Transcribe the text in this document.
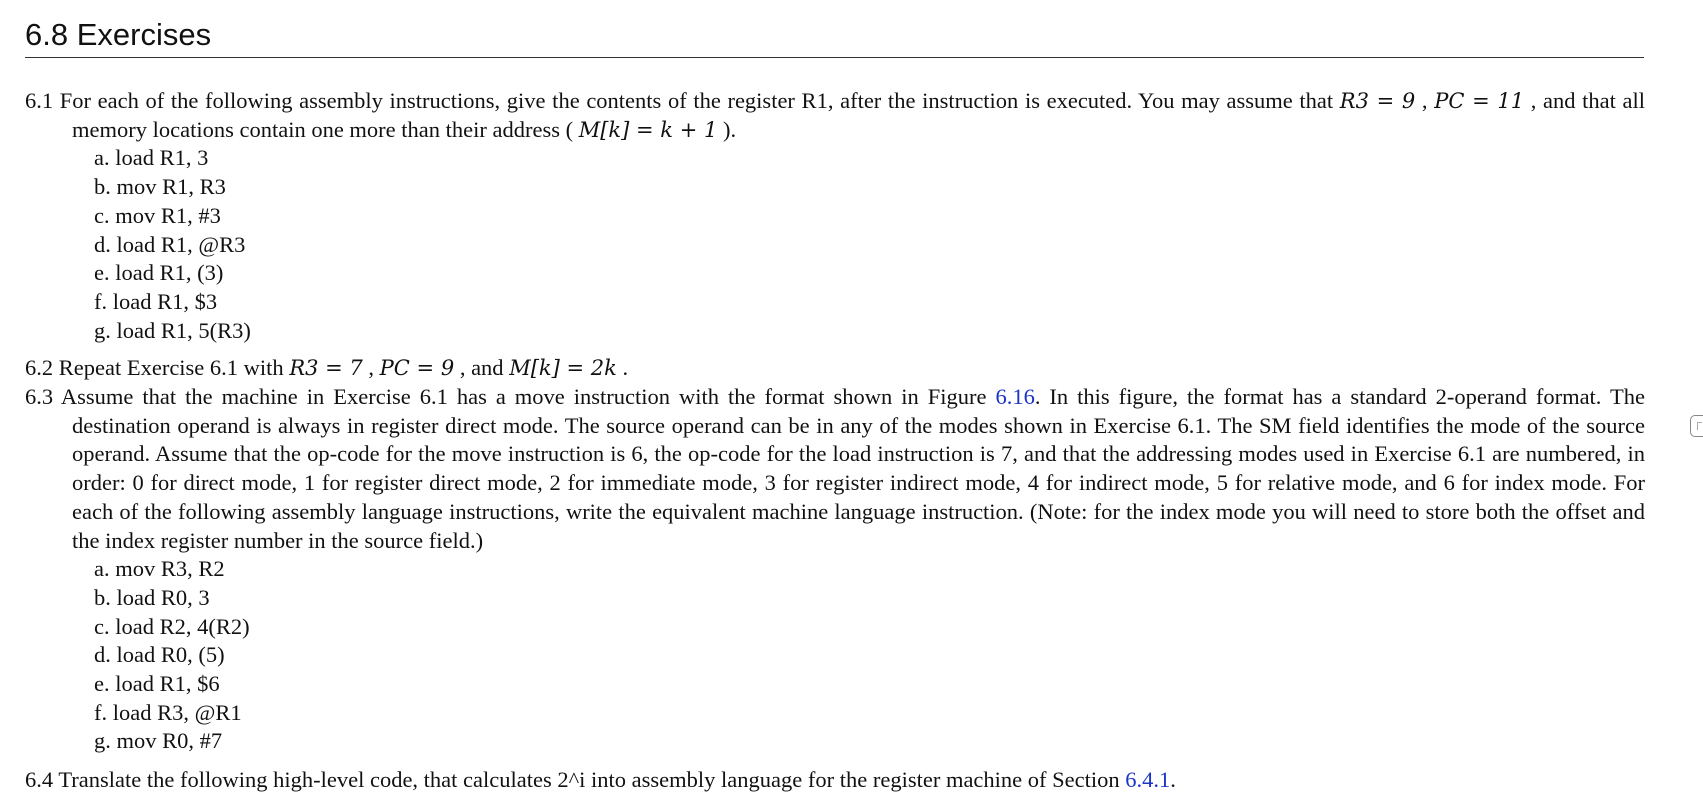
6.8 Exercises

6.1 For each of the following assembly instructions, give the contents of the register R1, after the instruction is executed. You may assume that R3 = 9 , PC = 11 , and that all memory locations contain one more than their address ( M[k] = k + 1 ).

a. load R1, 3
b. mov R1, R3
c. mov R1, #3
d. load R1, @R3
e. load R1, (3)
f. load R1, $3
g. load R1, 5(R3)

6.2 Repeat Exercise 6.1 with R3 = 7 , PC = 9 , and M[k] = 2k .

6.3 Assume that the machine in Exercise 6.1 has a move instruction with the format shown in Figure 6.16. In this figure, the format has a standard 2-operand format. The destination operand is always in register direct mode. The source operand can be in any of the modes shown in Exercise 6.1. The SM field identifies the mode of the source operand. Assume that the op-code for the move instruction is 6, the op-code for the load instruction is 7, and that the addressing modes used in Exercise 6.1 are numbered, in order: 0 for direct mode, 1 for register direct mode, 2 for immediate mode, 3 for register indirect mode, 4 for indirect mode, 5 for relative mode, and 6 for index mode. For each of the following assembly language instructions, write the equivalent machine language instruction. (Note: for the index mode you will need to store both the offset and the index register number in the source field.)

a. mov R3, R2
b. load R0, 3
c. load R2, 4(R2)
d. load R0, (5)
e. load R1, $6
f. load R3, @R1
g. mov R0, #7

6.4 Translate the following high-level code, that calculates 2^i into assembly language for the register machine of Section 6.4.1.
